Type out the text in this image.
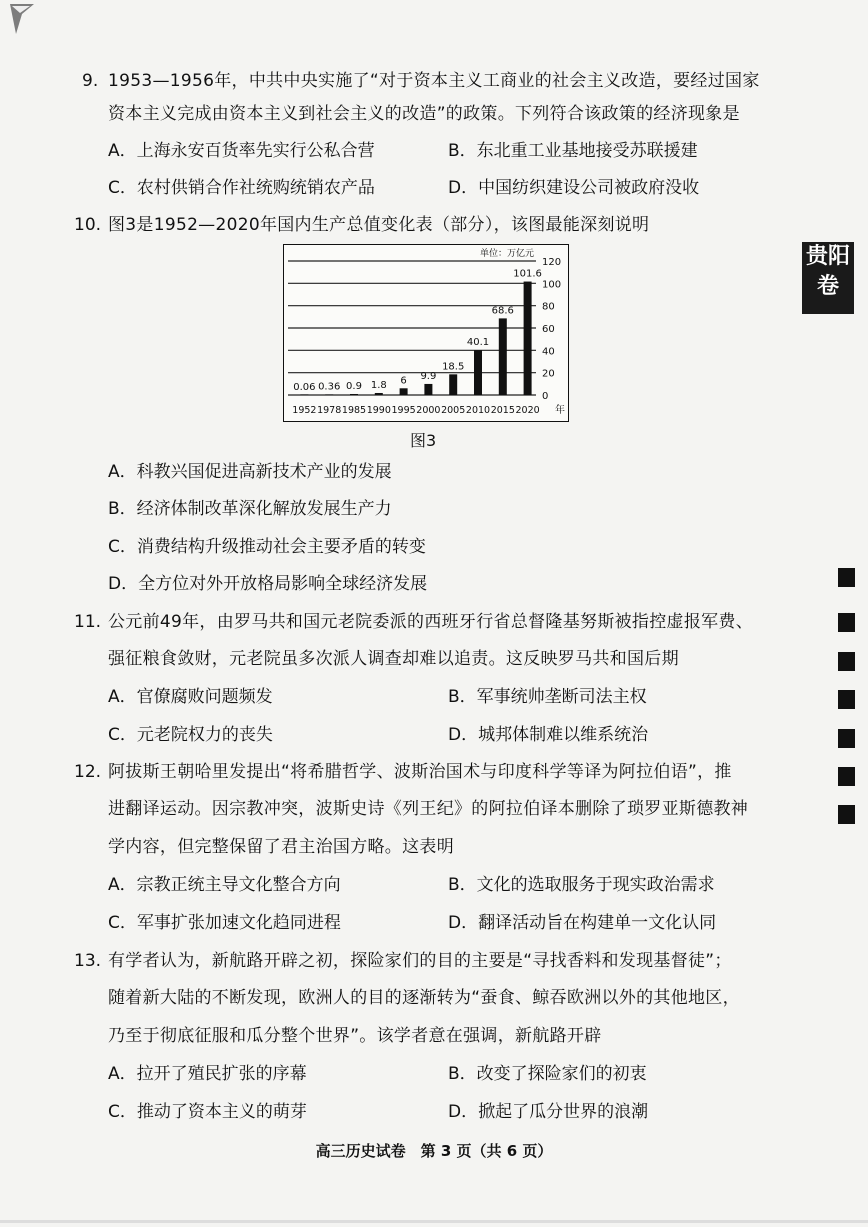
9. 1953—1956年，中共中央实施了“对于资本主义工商业的社会主义改造，要经过国家
资本主义完成由资本主义到社会主义的改造”的政策。下列符合该政策的经济现象是
A．上海永安百货率先实行公私合营	B．东北重工业基地接受苏联援建
C．农村供销合作社统购统销农产品	D．中国纺织建设公司被政府没收
10. 图3是1952—2020年国内生产总值变化表（部分），该图最能深刻说明
0
20
40
60
80
100
120
单位：万亿元
0.06
1952
0.36
1978
0.9
1985
1.8
1990
6
1995
9.9
2000
18.5
2005
40.1
2010
68.6
2015
101.6
2020 年
图3
A．科教兴国促进高新技术产业的发展
B．经济体制改革深化解放发展生产力
C．消费结构升级推动社会主要矛盾的转变
D．全方位对外开放格局影响全球经济发展
11. 公元前49年，由罗马共和国元老院委派的西班牙行省总督隆基努斯被指控虚报军费、
强征粮食敛财，元老院虽多次派人调查却难以追责。这反映罗马共和国后期
A．官僚腐败问题频发	B．军事统帅垄断司法主权
C．元老院权力的丧失	D．城邦体制难以维系统治
12. 阿拔斯王朝哈里发提出“将希腊哲学、波斯治国术与印度科学等译为阿拉伯语”，推
进翻译运动。因宗教冲突，波斯史诗《列王纪》的阿拉伯译本删除了琐罗亚斯德教神
学内容，但完整保留了君主治国方略。这表明
A．宗教正统主导文化整合方向	B．文化的选取服务于现实政治需求
C．军事扩张加速文化趋同进程	D．翻译活动旨在构建单一文化认同
13. 有学者认为，新航路开辟之初，探险家们的目的主要是“寻找香料和发现基督徒”；
随着新大陆的不断发现，欧洲人的目的逐渐转为“蚕食、鲸吞欧洲以外的其他地区，
乃至于彻底征服和瓜分整个世界”。该学者意在强调，新航路开辟
A．拉开了殖民扩张的序幕	B．改变了探险家们的初衷
C．推动了资本主义的萌芽	D．掀起了瓜分世界的浪潮
贵阳
卷
高三历史试卷　第 3 页（共 6 页）
